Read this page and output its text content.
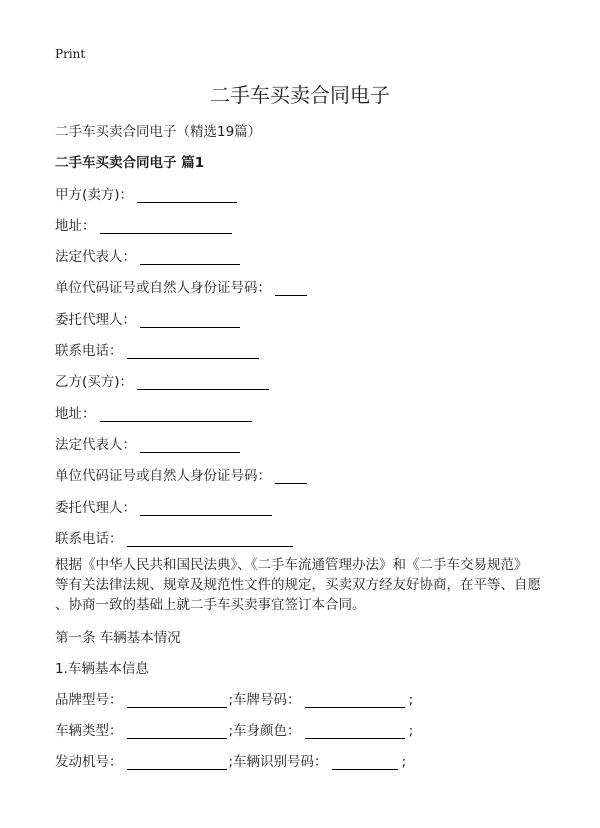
Print
二手车买卖合同电子
二手车买卖合同电子（精选19篇）
二手车买卖合同电子 篇1
甲方(卖方)：
地址：
法定代表人：
单位代码证号或自然人身份证号码：
委托代理人：
联系电话：
乙方(买方)：
地址：
法定代表人：
单位代码证号或自然人身份证号码：
委托代理人：
联系电话：
根据《中华人民共和国民法典》、《二手车流通管理办法》和《二手车交易规范》
等有关法律法规、规章及规范性文件的规定，买卖双方经友好协商，在平等、自愿
、协商一致的基础上就二手车买卖事宜签订本合同。
第一条 车辆基本情况
1.车辆基本信息
品牌型号：	;车牌号码：	;
车辆类型：	;车身颜色：	;
发动机号：	;车辆识别号码：	;
